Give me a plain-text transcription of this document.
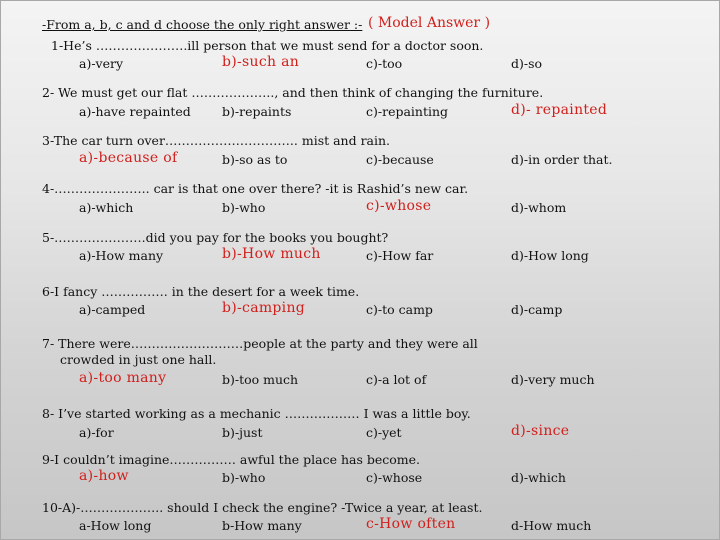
-From a, b, c and d choose the only right answer :- ( Model Answer )
1-He’s ………………….ill person that we must send for a doctor soon.
a)-very	b)-such an	c)-too	d)-so
2- We must get our flat ……………….., and then think of changing the furniture.
a)-have repainted b)-repaints	c)-repainting	d)- repainted
3-The car turn over………………………….. mist and rain.
a)-because of	b)-so as to	c)-because	d)-in order that.
4-………………….. car is that one over there? -it is Rashid’s new car.
a)-which	b)-who	c)-whose	d)-whom
5-………………….did you pay for the books you bought?
a)-How many	b)-How much	c)-How far	d)-How long
6-I fancy ……………. in the desert for a week time.
a)-camped	b)-camping	c)-to camp	d)-camp
7- There were………………………people at the party and they were all
crowded in just one hall.
a)-too many	b)-too much	c)-a lot of	d)-very much
8- I’ve started working as a mechanic ……………… I was a little boy.
a)-for	b)-just	c)-yet	d)-since
9-I couldn’t imagine……………. awful the place has become.
a)-how	b)-who	c)-whose	d)-which
10-A)-……………….. should I check the engine? -Twice a year, at least.
a-How long	b-How many	c-How often	d-How much
